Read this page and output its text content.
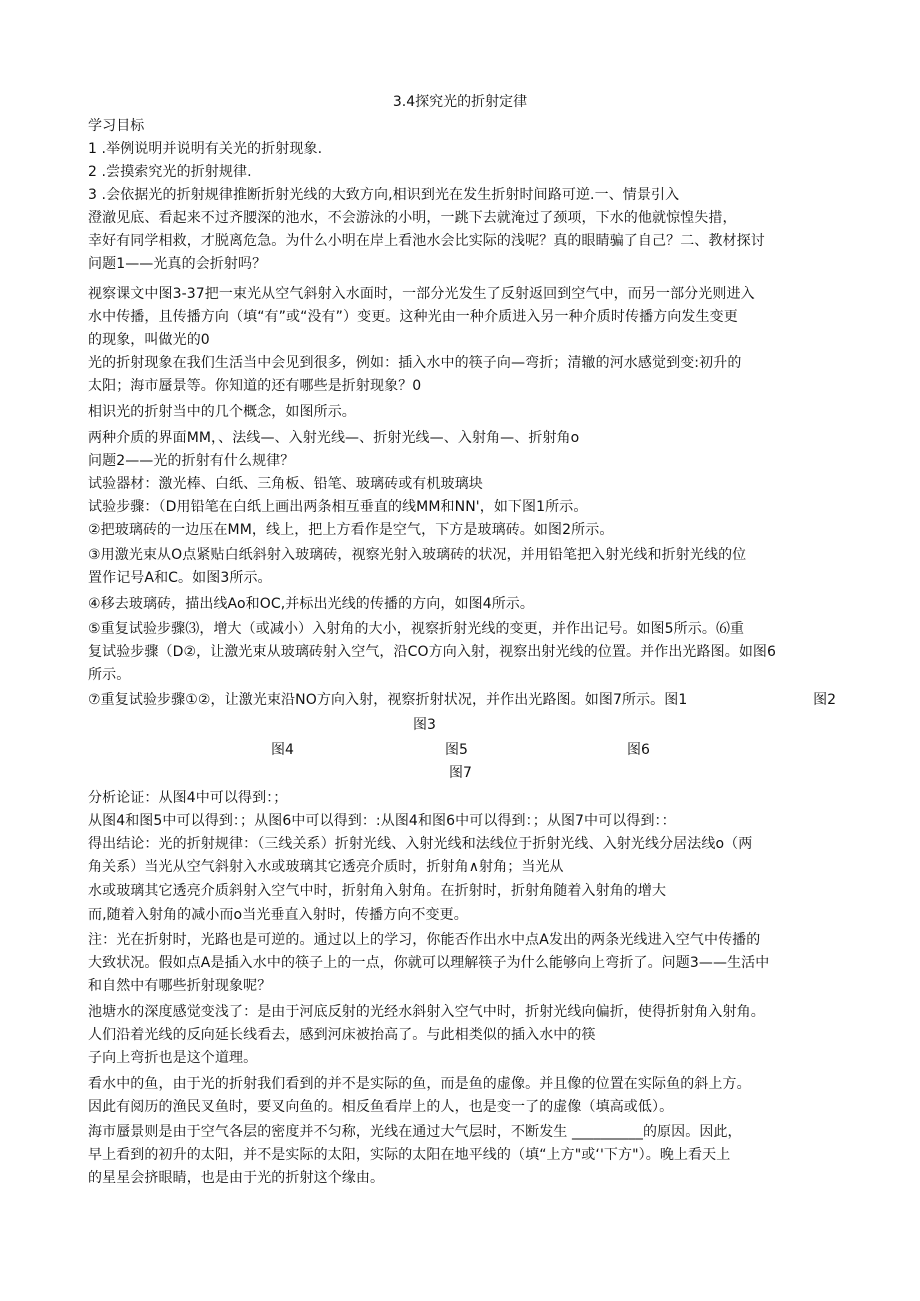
3.4探究光的折射定律
学习目标
1 .举例说明并说明有关光的折射现象.
2 .尝摸索究光的折射规律.
3 .会依据光的折射规律推断折射光线的大致方向,相识到光在发生折射时间路可逆.一、情景引入
澄澈见底、看起来不过齐腰深的池水，不会游泳的小明，一跳下去就淹过了颈项，下水的他就惊惶失措，
幸好有同学相救，才脱离危急。为什么小明在岸上看池水会比实际的浅呢？真的眼睛骗了自己？二、教材探讨
问题1——光真的会折射吗？
视察课文中图3-37把一束光从空气斜射入水面时，一部分光发生了反射返回到空气中，而另一部分光则进入
水中传播，且传播方向（填“有”或“没有”）变更。这种光由一种介质进入另一种介质时传播方向发生变更
的现象，叫做光的0
光的折射现象在我们生活当中会见到很多，例如：插入水中的筷子向—弯折；清辙的河水感觉到变:初升的
太阳；海市蜃景等。你知道的还有哪些是折射现象？0
相识光的折射当中的几个概念，如图所示。
两种介质的界面MM，、法线—、入射光线—、折射光线—、入射角—、折射角o
问题2——光的折射有什么规律？
试验器材：激光棒、白纸、三角板、铅笔、玻璃砖或有机玻璃块
试验步骤：（D用铅笔在白纸上画出两条相互垂直的线MM和NN'，如下图1所示。
②把玻璃砖的一边压在MM，线上，把上方看作是空气，下方是玻璃砖。如图2所示。
③用激光束从O点紧贴白纸斜射入玻璃砖，视察光射入玻璃砖的状况，并用铅笔把入射光线和折射光线的位
置作记号A和C。如图3所示。
④移去玻璃砖，描出线Ao和OC,并标出光线的传播的方向，如图4所示。
⑤重复试验步骤⑶，增大（或减小）入射角的大小，视察折射光线的变更，并作出记号。如图5所示。⑹重
复试验步骤（D②，让激光束从玻璃砖射入空气，沿CO方向入射，视察出射光线的位置。并作出光路图。如图6
所示。
⑦重复试验步骤①②，让激光束沿NO方向入射，视察折射状况，并作出光路图。如图7所示。图1	图2
图3
图4	图5	图6
图7
分析论证：从图4中可以得到：；
从图4和图5中可以得到：；从图6中可以得到：:从图4和图6中可以得到：；从图7中可以得到：：
得出结论：光的折射规律：（三线关系）折射光线、入射光线和法线位于折射光线、入射光线分居法线o（两
角关系）当光从空气斜射入水或玻璃其它透亮介质时，折射角∧射角；当光从
水或玻璃其它透亮介质斜射入空气中时，折射角入射角。在折射时，折射角随着入射角的增大
而,随着入射角的减小而o当光垂直入射时，传播方向不变更。
注：光在折射时，光路也是可逆的。通过以上的学习，你能否作出水中点A发出的两条光线进入空气中传播的
大致状况。假如点A是插入水中的筷子上的一点，你就可以理解筷子为什么能够向上弯折了。问题3——生活中
和自然中有哪些折射现象呢？
池塘水的深度感觉变浅了：是由于河底反射的光经水斜射入空气中时，折射光线向偏折，使得折射角入射角。
人们沿着光线的反向延长线看去，感到河床被抬高了。与此相类似的插入水中的筷
子向上弯折也是这个道理。
看水中的鱼，由于光的折射我们看到的并不是实际的鱼，而是鱼的虚像。并且像的位置在实际鱼的斜上方。
因此有阅历的渔民叉鱼时，要叉向鱼的。相反鱼看岸上的人，也是变一了的虚像（填高或低）。
海市蜃景则是由于空气各层的密度并不匀称，光线在通过大气层时，不断发生 __________的原因。因此，
早上看到的初升的太阳，并不是实际的太阳，实际的太阳在地平线的（填“上方"或‘'下方"）。晚上看天上
的星星会挤眼睛，也是由于光的折射这个缘由。
